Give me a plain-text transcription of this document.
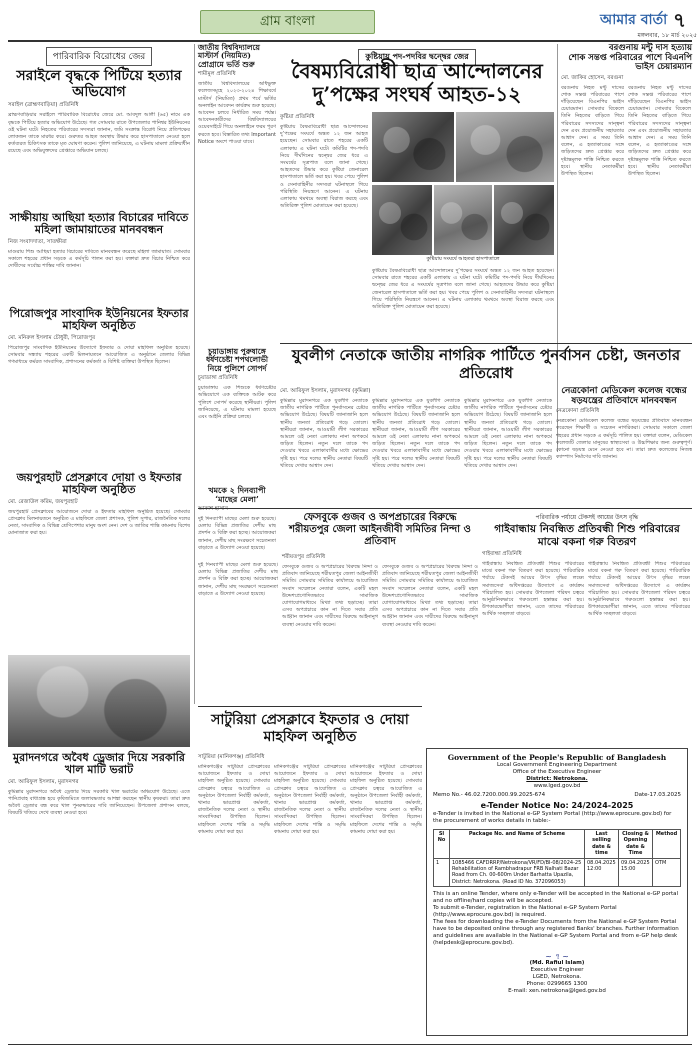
গ্রাম বাংলা	আমার বার্তা ৭
মঙ্গলবার, ১৮ মার্চ ২০২৫
পারিবারিক বিরোধের জের
সরাইলে বৃদ্ধকে পিটিয়ে হত্যার অভিযোগ
সরাইল (ব্রাহ্মণবাড়িয়া) প্রতিনিধি
ব্রাহ্মণবাড়িয়ার সরাইলে পারিবারিক বিরোধের জেরে মো. আবদুল আলী (৬৫) নামে এক বৃদ্ধকে পিটিয়ে হত্যার অভিযোগ উঠেছে। গত সোমবার রাতে উপজেলার পানিশ্বর ইউনিয়নের ওই ঘটনা ঘটে। নিহতের পরিবারের সদস্যরা জানান, জমি সংক্রান্ত বিরোধ নিয়ে প্রতিপক্ষের লোকজন তাকে মারধর করে। গুরুতর আহত অবস্থায় উদ্ধার করে হাসপাতালে নেওয়া হলে কর্তব্যরত চিকিৎসক তাকে মৃত ঘোষণা করেন। পুলিশ জানিয়েছে, এ ঘটনায় মামলা প্রক্রিয়াধীন রয়েছে এবং অভিযুক্তদের গ্রেপ্তারে অভিযান চলছে।
সাক্ষীয়ায় আছিয়া হত্যার বিচারের দাবিতে মহিলা জামায়াতের মানববন্ধন
নিজ সংবাদদাতা, সাতক্ষীরা
মাগুরায় শিশু আছিয়া হত্যার বিচারের দাবিতে মানববন্ধন করেছে মহিলা জামায়াত। সোমবার সকালে শহরের প্রধান সড়কে এ কর্মসূচি পালন করা হয়। বক্তারা দ্রুত বিচার নিশ্চিত করে দোষীদের সর্বোচ্চ শাস্তির দাবি জানান।
পিরোজপুর সাংবাদিক ইউনিয়নের ইফতার মাহফিল অনুষ্ঠিত
মো. মনিরুল ইসলাম চৌধুরী, পিরোজপুর
পিরোজপুর সাংবাদিক ইউনিয়নের উদ্যোগে ইফতার ও দোয়া মাহফিল অনুষ্ঠিত হয়েছে। সোমবার সন্ধ্যায় শহরের একটি মিলনায়তনে আয়োজিত এ অনুষ্ঠানে জেলার বিভিন্ন গণমাধ্যমে কর্মরত সাংবাদিক, প্রশাসনের কর্মকর্তা ও বিশিষ্ট ব্যক্তিরা উপস্থিত ছিলেন।
জাতীয় বিশ্ববিদ্যালয়ে মাস্টার্স (নিয়মিত) প্রোগ্রামে ভর্তি শুরু
শামীমুল প্রতিনিধি
জাতীয় বিশ্ববিদ্যালয়ের অধিভুক্ত কলেজসমূহে ২০২৩-২০২৪ শিক্ষাবর্ষে মাস্টার্স (নিয়মিত) প্রথম পর্বে ভর্তির অনলাইন আবেদন কার্যক্রম শুরু হয়েছে। আবেদন চলবে নির্ধারিত সময় পর্যন্ত। আবেদনকারীদের বিশ্ববিদ্যালয়ের ওয়েবসাইটে গিয়ে অনলাইনে ফরম পূরণ করতে হবে। বিস্তারিত তথ্য Important Notice অংশে পাওয়া যাবে।
চুয়াডাঙ্গায় পুরুষাঙ্গে ধর্ষণচেষ্টা শপথলোভী নিয়ে পুলিশে সোপর্দ
চুয়াডাঙ্গা প্রতিনিধি
চুয়াডাঙ্গায় এক শিশুকে ধর্ষণচেষ্টার অভিযোগে এক ব্যক্তিকে আটক করে পুলিশে সোপর্দ করেছে স্থানীয়রা। পুলিশ জানিয়েছে, এ ঘটনায় মামলা হয়েছে এবং আইনি প্রক্রিয়া চলছে।
কুষ্টিয়ায় পদ-পদবির দ্বন্দ্বের জের
বৈষম্যবিরোধী ছাত্র আন্দোলনের দু’পক্ষের সংঘর্ষ আহত-১২
কুষ্টিয়া প্রতিনিধি
কুষ্টিয়ায় বৈষম্যবিরোধী ছাত্র আন্দোলনের দু’পক্ষের সংঘর্ষে অন্তত ১২ জন আহত হয়েছেন। সোমবার রাতে শহরের একটি এলাকায় এ ঘটনা ঘটে। কমিটির পদ-পদবি নিয়ে দীর্ঘদিনের দ্বন্দ্বের জের ধরে এ সংঘর্ষের সূত্রপাত বলে জানা গেছে। আহতদের উদ্ধার করে কুষ্টিয়া জেনারেল হাসপাতালে ভর্তি করা হয়। খবর পেয়ে পুলিশ ও সেনাবাহিনীর সদস্যরা ঘটনাস্থলে গিয়ে পরিস্থিতি নিয়ন্ত্রণে আনেন। এ ঘটনায় এলাকায় থমথমে অবস্থা বিরাজ করছে এবং অতিরিক্ত পুলিশ মোতায়েন করা হয়েছে।
কুষ্টিয়ায় সংঘর্ষে আহতরা হাসপাতালে
কুষ্টিয়ায় বৈষম্যবিরোধী ছাত্র আন্দোলনের দু’পক্ষের সংঘর্ষে অন্তত ১২ জন আহত হয়েছেন। সোমবার রাতে শহরের একটি এলাকায় এ ঘটনা ঘটে। কমিটির পদ-পদবি নিয়ে দীর্ঘদিনের দ্বন্দ্বের জের ধরে এ সংঘর্ষের সূত্রপাত বলে জানা গেছে। আহতদের উদ্ধার করে কুষ্টিয়া জেনারেল হাসপাতালে ভর্তি করা হয়। খবর পেয়ে পুলিশ ও সেনাবাহিনীর সদস্যরা ঘটনাস্থলে গিয়ে পরিস্থিতি নিয়ন্ত্রণে আনেন। এ ঘটনায় এলাকায় থমথমে অবস্থা বিরাজ করছে এবং অতিরিক্ত পুলিশ মোতায়েন করা হয়েছে।
বরগুনায় মন্টু দাস হত্যায়
শোক সন্তপ্ত পরিবারের পাশে বিএনপি ভাইস চেয়ারম্যান
মো. জাকির হোসেন, বরগুনা
বরগুনায় নিহত মন্টু দাসের শোক সন্তপ্ত পরিবারের পাশে দাঁড়িয়েছেন বিএনপির ভাইস চেয়ারম্যান। সোমবার বিকেলে তিনি নিহতের বাড়িতে গিয়ে পরিবারের সদস্যদের সান্ত্বনা দেন এবং প্রয়োজনীয় সহায়তার আশ্বাস দেন। এ সময় তিনি বলেন, এ হত্যাকাণ্ডের সঙ্গে জড়িতদের দ্রুত গ্রেপ্তার করে দৃষ্টান্তমূলক শাস্তি নিশ্চিত করতে হবে। স্থানীয় নেতাকর্মীরা উপস্থিত ছিলেন।
বরগুনায় নিহত মন্টু দাসের শোক সন্তপ্ত পরিবারের পাশে দাঁড়িয়েছেন বিএনপির ভাইস চেয়ারম্যান। সোমবার বিকেলে তিনি নিহতের বাড়িতে গিয়ে পরিবারের সদস্যদের সান্ত্বনা দেন এবং প্রয়োজনীয় সহায়তার আশ্বাস দেন। এ সময় তিনি বলেন, এ হত্যাকাণ্ডের সঙ্গে জড়িতদের দ্রুত গ্রেপ্তার করে দৃষ্টান্তমূলক শাস্তি নিশ্চিত করতে হবে। স্থানীয় নেতাকর্মীরা উপস্থিত ছিলেন।
যুবলীগ নেতাকে জাতীয় নাগরিক পার্টিতে পুনর্বাসন চেষ্টা, জনতার প্রতিরোধ
মো. আরিফুল ইসলাম, মুরাদনগর (কুমিল্লা)
কুমিল্লার মুরাদনগরে এক যুবলীগ নেতাকে জাতীয় নাগরিক পার্টিতে পুনর্বাসনের চেষ্টার অভিযোগ উঠেছে। বিষয়টি জানাজানি হলে স্থানীয় জনতা প্রতিরোধ গড়ে তোলে। স্থানীয়রা জানান, আওয়ামী লীগ সরকারের আমলে ওই নেতা এলাকায় নানা অপকর্মে জড়িত ছিলেন। নতুন দলে তাকে পদ দেওয়ার খবরে এলাকাবাসীর মধ্যে ক্ষোভের সৃষ্টি হয়। পরে দলের স্থানীয় নেতারা বিষয়টি খতিয়ে দেখার আশ্বাস দেন।
কুমিল্লার মুরাদনগরে এক যুবলীগ নেতাকে জাতীয় নাগরিক পার্টিতে পুনর্বাসনের চেষ্টার অভিযোগ উঠেছে। বিষয়টি জানাজানি হলে স্থানীয় জনতা প্রতিরোধ গড়ে তোলে। স্থানীয়রা জানান, আওয়ামী লীগ সরকারের আমলে ওই নেতা এলাকায় নানা অপকর্মে জড়িত ছিলেন। নতুন দলে তাকে পদ দেওয়ার খবরে এলাকাবাসীর মধ্যে ক্ষোভের সৃষ্টি হয়। পরে দলের স্থানীয় নেতারা বিষয়টি খতিয়ে দেখার আশ্বাস দেন।
কুমিল্লার মুরাদনগরে এক যুবলীগ নেতাকে জাতীয় নাগরিক পার্টিতে পুনর্বাসনের চেষ্টার অভিযোগ উঠেছে। বিষয়টি জানাজানি হলে স্থানীয় জনতা প্রতিরোধ গড়ে তোলে। স্থানীয়রা জানান, আওয়ামী লীগ সরকারের আমলে ওই নেতা এলাকায় নানা অপকর্মে জড়িত ছিলেন। নতুন দলে তাকে পদ দেওয়ার খবরে এলাকাবাসীর মধ্যে ক্ষোভের সৃষ্টি হয়। পরে দলের স্থানীয় নেতারা বিষয়টি খতিয়ে দেখার আশ্বাস দেন।
নেত্রকোনা মেডিকেল কলেজ বন্ধের ষড়যন্ত্রের প্রতিবাদে মানববন্ধন
নেত্রকোনা প্রতিনিধি
নেত্রকোনা মেডিকেল কলেজ বন্ধের ষড়যন্ত্রের প্রতিবাদে মানববন্ধন করেছেন শিক্ষার্থী ও সচেতন নাগরিকরা। সোমবার সকালে জেলা শহরের প্রধান সড়কে এ কর্মসূচি পালিত হয়। বক্তারা বলেন, মেডিকেল কলেজটি জেলার মানুষের স্বাস্থ্যসেবা ও উচ্চশিক্ষার জন্য গুরুত্বপূর্ণ। কোনো ষড়যন্ত্র মেনে নেওয়া হবে না। তারা দ্রুত কলেজের নিজস্ব ক্যাম্পাস নির্মাণের দাবি জানান।
খমকে ২ দিনব্যাপী ‘মাছের মেলা’
দুই দিনব্যাপী মাছের মেলা শুরু হয়েছে। মেলায় বিভিন্ন প্রজাতির দেশীয় মাছ প্রদর্শন ও বিক্রি করা হচ্ছে। আয়োজকরা জানান, দেশীয় মাছ সংরক্ষণে সচেতনতা বাড়াতে এ উদ্যোগ নেওয়া হয়েছে।
জয়পুরহাট প্রেসক্লাবে দোয়া ও ইফতার মাহফিল অনুষ্ঠিত
মো. রেজাউল করিম, জয়পুরহাট
জয়পুরহাট প্রেসক্লাবের আয়োজনে দোয়া ও ইফতার মাহফিল অনুষ্ঠিত হয়েছে। সোমবার প্রেসক্লাব মিলনায়তনে অনুষ্ঠিত এ মাহফিলে জেলা প্রশাসক, পুলিশ সুপার, রাজনৈতিক দলের নেতা, সাংবাদিক ও বিভিন্ন শ্রেণিপেশার মানুষ অংশ নেন। দেশ ও জাতির শান্তি কামনায় বিশেষ মোনাজাত করা হয়।
ফেসবুকে গুজব ও অপপ্রচারের বিরুদ্ধে শরীয়তপুর জেলা আইনজীবী সমিতির নিন্দা ও প্রতিবাদ
শরীয়তপুর প্রতিনিধি
ফেসবুকে গুজব ও অপপ্রচারের বিরুদ্ধে নিন্দা ও প্রতিবাদ জানিয়েছে শরীয়তপুর জেলা আইনজীবী সমিতি। সোমবার সমিতির কার্যালয়ে আয়োজিত সংবাদ সম্মেলনে নেতারা বলেন, একটি মহল উদ্দেশ্যপ্রণোদিতভাবে সামাজিক যোগাযোগমাধ্যমে মিথ্যা তথ্য ছড়াচ্ছে। তারা এসব অপপ্রচারে কান না দিতে সবার প্রতি আহ্বান জানান এবং দায়ীদের বিরুদ্ধে আইনানুগ ব্যবস্থা নেওয়ার দাবি করেন।
ফেসবুকে গুজব ও অপপ্রচারের বিরুদ্ধে নিন্দা ও প্রতিবাদ জানিয়েছে শরীয়তপুর জেলা আইনজীবী সমিতি। সোমবার সমিতির কার্যালয়ে আয়োজিত সংবাদ সম্মেলনে নেতারা বলেন, একটি মহল উদ্দেশ্যপ্রণোদিতভাবে সামাজিক যোগাযোগমাধ্যমে মিথ্যা তথ্য ছড়াচ্ছে। তারা এসব অপপ্রচারে কান না দিতে সবার প্রতি আহ্বান জানান এবং দায়ীদের বিরুদ্ধে আইনানুগ ব্যবস্থা নেওয়ার দাবি করেন।
দুই দিনব্যাপী মাছের মেলা শুরু হয়েছে। মেলায় বিভিন্ন প্রজাতির দেশীয় মাছ প্রদর্শন ও বিক্রি করা হচ্ছে। আয়োজকরা জানান, দেশীয় মাছ সংরক্ষণে সচেতনতা বাড়াতে এ উদ্যোগ নেওয়া হয়েছে।
পরিবারিক পর্যায়ে টেকসই আয়ের উৎস বৃদ্ধি
গাইবান্ধায় নিবন্ধিত প্রতিবন্ধী শিশু পরিবারের মাঝে বকনা গরু বিতরণ
গাইবান্ধা প্রতিনিধি
গাইবান্ধায় নিবন্ধিত প্রতিবন্ধী শিশুর পরিবারের মাঝে বকনা গরু বিতরণ করা হয়েছে। পারিবারিক পর্যায়ে টেকসই আয়ের উৎস বৃদ্ধির লক্ষ্যে সমাজসেবা অধিদপ্তরের উদ্যোগে এ কার্যক্রম পরিচালিত হয়। সোমবার উপজেলা পরিষদ চত্বরে আনুষ্ঠানিকভাবে গরুগুলো হস্তান্তর করা হয়। উপকারভোগীরা জানান, এতে তাদের পরিবারের আর্থিক সচ্ছলতা বাড়বে।
গাইবান্ধায় নিবন্ধিত প্রতিবন্ধী শিশুর পরিবারের মাঝে বকনা গরু বিতরণ করা হয়েছে। পারিবারিক পর্যায়ে টেকসই আয়ের উৎস বৃদ্ধির লক্ষ্যে সমাজসেবা অধিদপ্তরের উদ্যোগে এ কার্যক্রম পরিচালিত হয়। সোমবার উপজেলা পরিষদ চত্বরে আনুষ্ঠানিকভাবে গরুগুলো হস্তান্তর করা হয়। উপকারভোগীরা জানান, এতে তাদের পরিবারের আর্থিক সচ্ছলতা বাড়বে।
মুরাদনগরে অবৈধ ড্রেজার দিয়ে সরকারি খাল মাটি ভরাট
মো. আরিফুল ইসলাম, মুরাদনগর
কুমিল্লার মুরাদনগরে অবৈধ ড্রেজার দিয়ে সরকারি খাল ভরাটের অভিযোগ উঠেছে। এতে পানিপ্রবাহ বাধাগ্রস্ত হয়ে কৃষিজমিতে জলাবদ্ধতার আশঙ্কা করছেন স্থানীয় কৃষকরা। তারা দ্রুত অবৈধ ড্রেজার বন্ধ করে খাল পুনরুদ্ধারের দাবি জানিয়েছেন। উপজেলা প্রশাসন বলছে, বিষয়টি খতিয়ে দেখে ব্যবস্থা নেওয়া হবে।
সাটুরিয়া প্রেসক্লাবে ইফতার ও দোয়া মাহফিল অনুষ্ঠিত
সাটুরিয়া (মানিকগঞ্জ) প্রতিনিধি
মানিকগঞ্জের সাটুরিয়া প্রেসক্লাবের আয়োজনে ইফতার ও দোয়া মাহফিল অনুষ্ঠিত হয়েছে। সোমবার প্রেসক্লাব চত্বরে আয়োজিত এ অনুষ্ঠানে উপজেলা নির্বাহী কর্মকর্তা, থানার ভারপ্রাপ্ত কর্মকর্তা, রাজনৈতিক দলের নেতা ও স্থানীয় সাংবাদিকরা উপস্থিত ছিলেন। মাহফিলে দেশের শান্তি ও সমৃদ্ধি কামনায় দোয়া করা হয়।
মানিকগঞ্জের সাটুরিয়া প্রেসক্লাবের আয়োজনে ইফতার ও দোয়া মাহফিল অনুষ্ঠিত হয়েছে। সোমবার প্রেসক্লাব চত্বরে আয়োজিত এ অনুষ্ঠানে উপজেলা নির্বাহী কর্মকর্তা, থানার ভারপ্রাপ্ত কর্মকর্তা, রাজনৈতিক দলের নেতা ও স্থানীয় সাংবাদিকরা উপস্থিত ছিলেন। মাহফিলে দেশের শান্তি ও সমৃদ্ধি কামনায় দোয়া করা হয়।
মানিকগঞ্জের সাটুরিয়া প্রেসক্লাবের আয়োজনে ইফতার ও দোয়া মাহফিল অনুষ্ঠিত হয়েছে। সোমবার প্রেসক্লাব চত্বরে আয়োজিত এ অনুষ্ঠানে উপজেলা নির্বাহী কর্মকর্তা, থানার ভারপ্রাপ্ত কর্মকর্তা, রাজনৈতিক দলের নেতা ও স্থানীয় সাংবাদিকরা উপস্থিত ছিলেন। মাহফিলে দেশের শান্তি ও সমৃদ্ধি কামনায় দোয়া করা হয়।
Government of the People's Republic of Bangladesh
Local Government Engineering Department
Office of the Executive Engineer
District: Netrokona.
www.lged.gov.bd
Memo No.- 46.02.7200.000.99.2025-674	Date-17.03.2025
e-Tender Notice No: 24/2024-2025
e-Tender is invited in the National e-GP System Portal (http://www.eprocure.gov.bd) for the procurement of works details in table:-
Sl No	Package No. and Name of Scheme	Last selling date & time	Closing & Opening date & Time	Method
1	1085466 CAFDRRP/Netrokona/VR/FD/BI-08/2024-25 Rehabilitation of Rambhadrapur FRB Nalhati Bazar Road from Ch. 00-600m Under Barhatta Upazila, District: Netrokona. (Road ID No. 372096053)	08.04.2025 12:00	09.04.2025 15:00	OTM
This is an online Tender, where only e-Tender will be accepted in the National e-GP portal and no offline/hard copies will be accepted.
To submit e-Tender, registration in the National e-GP System Portal (http://www.eprocure.gov.bd) is required.
The fees for downloading the e-Tender Documents from the National e-GP System Portal have to be deposited online through any registered Banks' branches. Further information and guidelines are available in the National e-GP System Portal and from e-GP help desk (helpdesk@eprocure.gov.bd).
~ ৭ ~
(Md. Rafiul Islam)
Executive Engineer
LGED, Netrokona.
Phone: 0299665 1300
E-mail: xen.netrokona@lged.gov.bd
